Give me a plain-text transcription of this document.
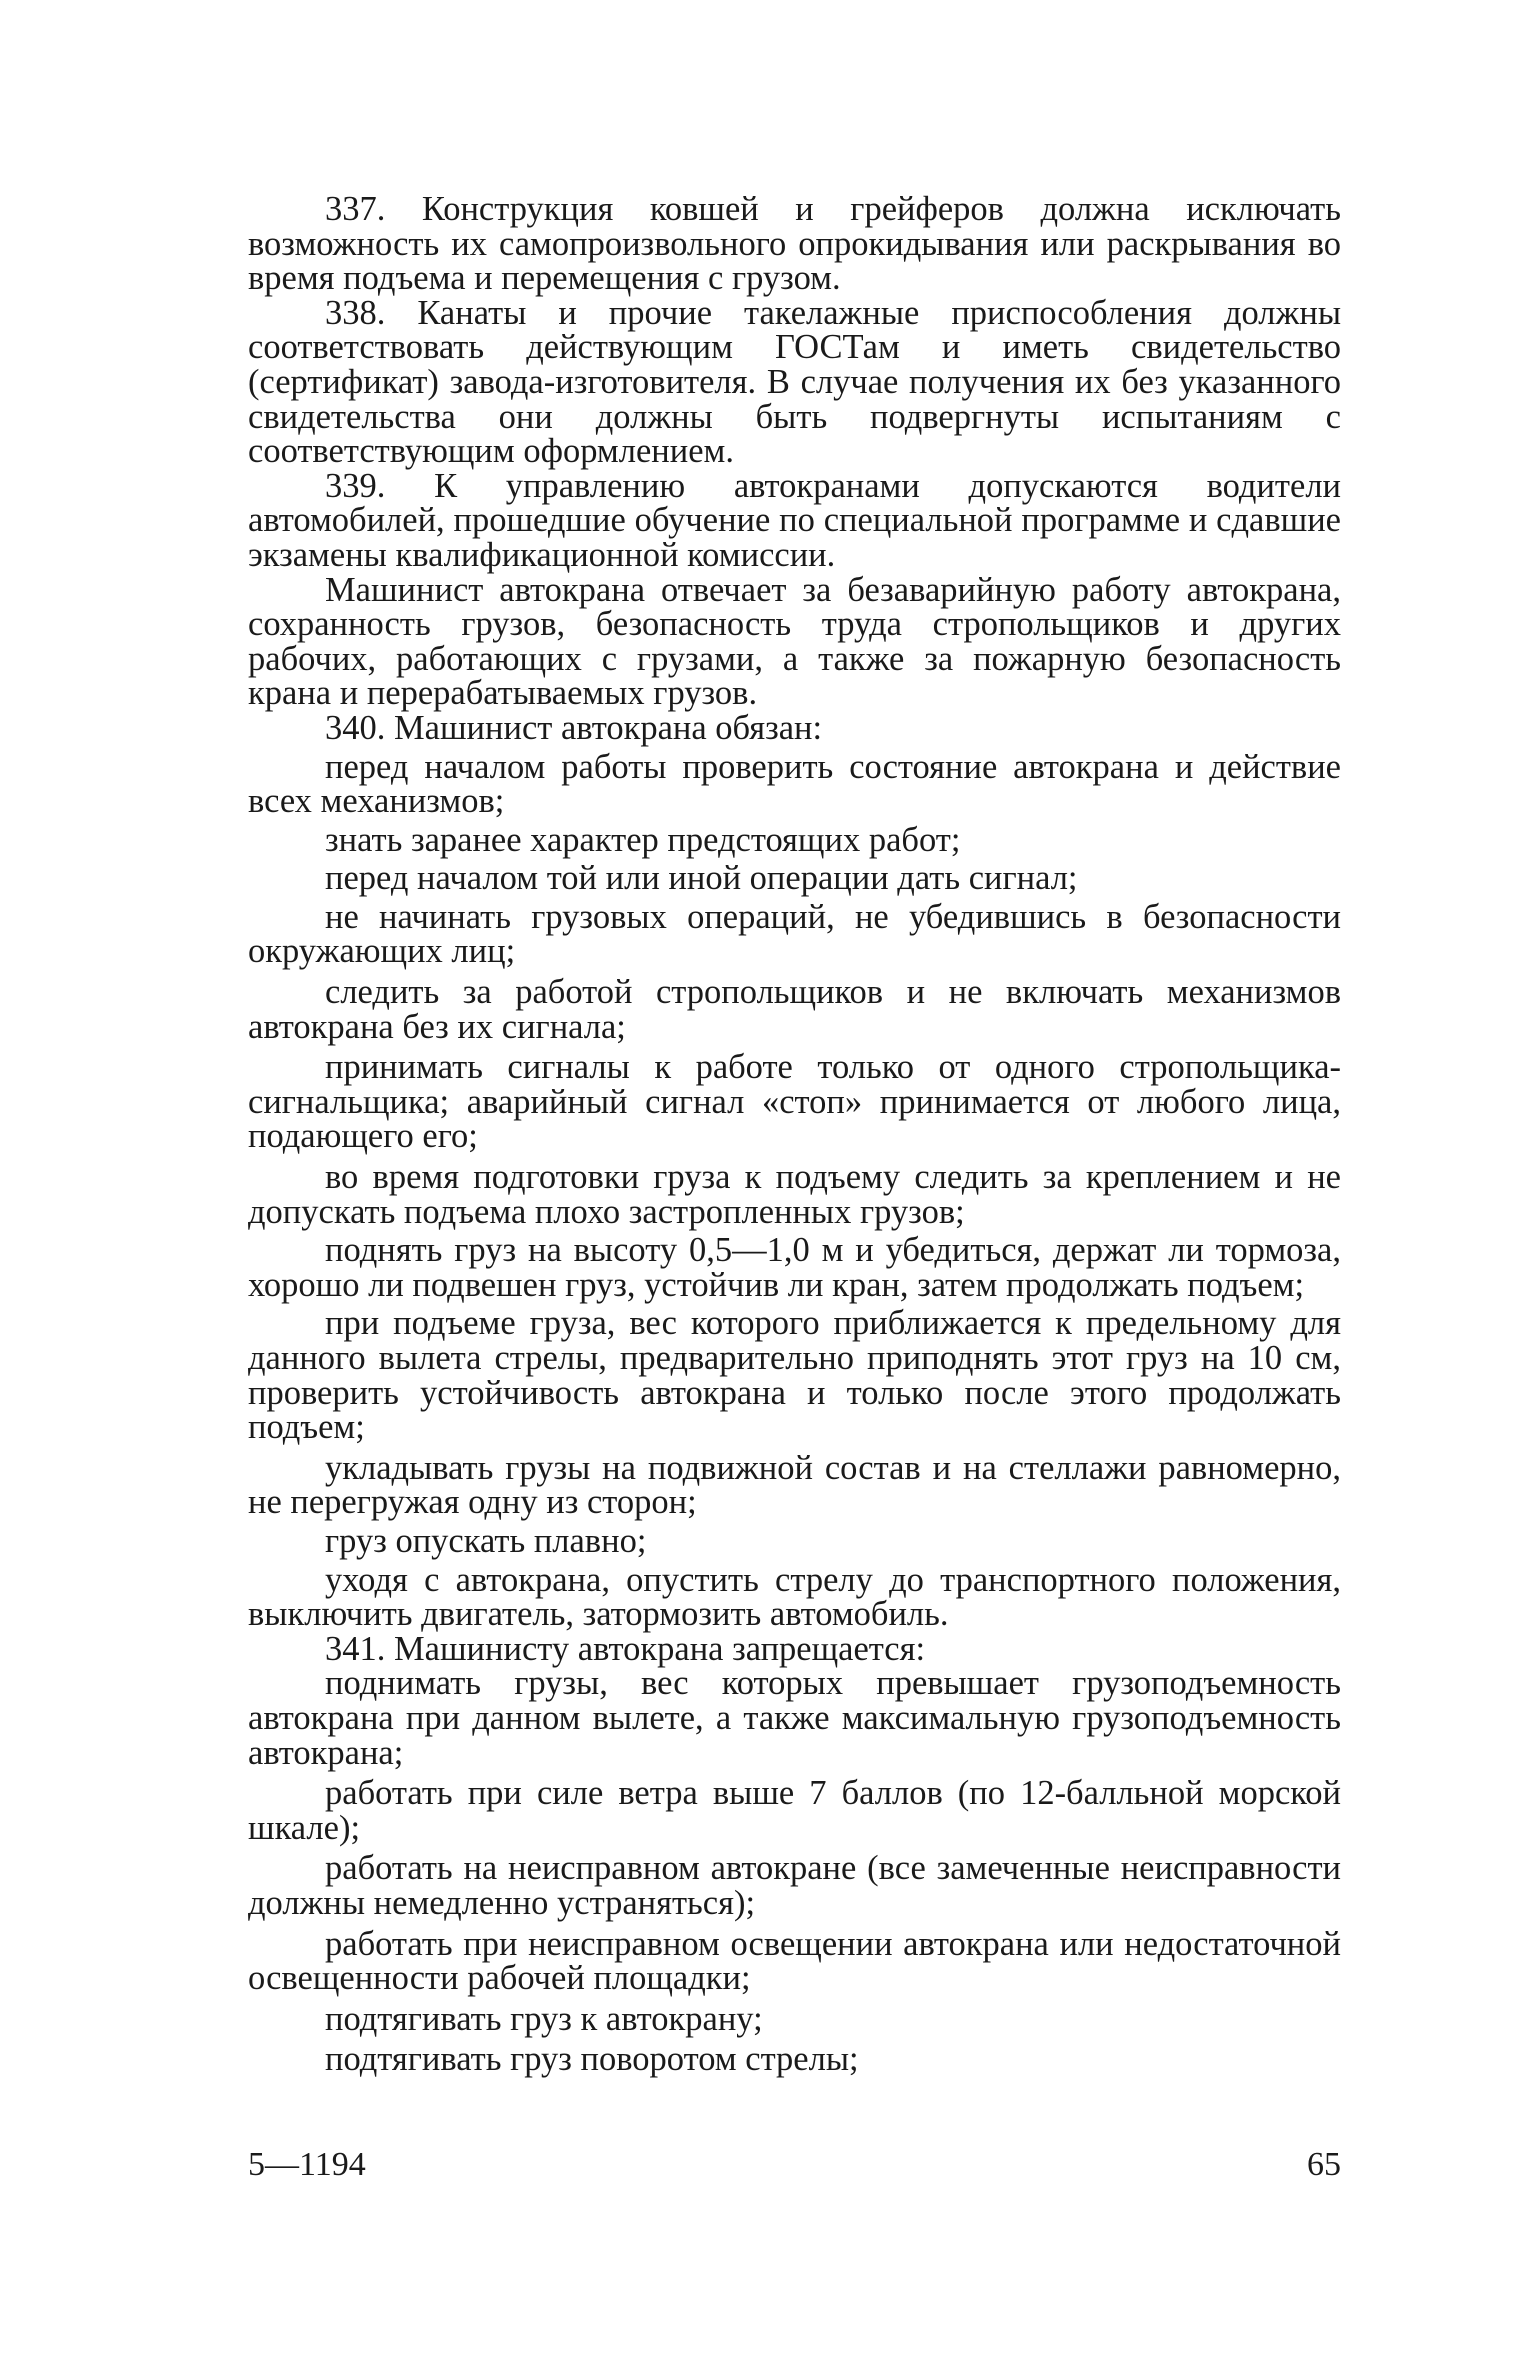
337. Конструкция ковшей и грейферов должна исключать возможность их самопроизвольного опрокидывания или раскрывания во время подъема и перемещения с грузом.

338. Канаты и прочие такелажные приспособления должны соответствовать действующим ГОСТам и иметь свидетельство (сертификат) завода-изготовителя. В случае получения их без указанного свидетельства они должны быть подвергнуты испытаниям с соответствующим оформлением.

339. К управлению автокранами допускаются водители автомобилей, прошедшие обучение по специальной программе и сдавшие экзамены квалификационной комиссии.

Машинист автокрана отвечает за безаварийную работу автокрана, сохранность грузов, безопасность труда стропольщиков и других рабочих, работающих с грузами, а также за пожарную безопасность крана и перерабатываемых грузов.

340. Машинист автокрана обязан:

перед началом работы проверить состояние автокрана и действие всех механизмов;

знать заранее характер предстоящих работ;

перед началом той или иной операции дать сигнал;

не начинать грузовых операций, не убедившись в безопасности окружающих лиц;

следить за работой стропольщиков и не включать механизмов автокрана без их сигнала;

принимать сигналы к работе только от одного стропольщика-сигнальщика; аварийный сигнал «стоп» принимается от любого лица, подающего его;

во время подготовки груза к подъему следить за креплением и не допускать подъема плохо застропленных грузов;

поднять груз на высоту 0,5—1,0 м и убедиться, держат ли тормоза, хорошо ли подвешен груз, устойчив ли кран, затем продолжать подъем;

при подъеме груза, вес которого приближается к предельному для данного вылета стрелы, предварительно приподнять этот груз на 10 см, проверить устойчивость автокрана и только после этого продолжать подъем;

укладывать грузы на подвижной состав и на стеллажи равномерно, не перегружая одну из сторон;

груз опускать плавно;

уходя с автокрана, опустить стрелу до транспортного положения, выключить двигатель, затормозить автомобиль.

341. Машинисту автокрана запрещается:

поднимать грузы, вес которых превышает грузоподъемность автокрана при данном вылете, а также максимальную грузоподъемность автокрана;

работать при силе ветра выше 7 баллов (по 12-балльной морской шкале);

работать на неисправном автокране (все замеченные неисправности должны немедленно устраняться);

работать при неисправном освещении автокрана или недостаточной освещенности рабочей площадки;

подтягивать груз к автокрану;

подтягивать груз поворотом стрелы;

5—1194	65
